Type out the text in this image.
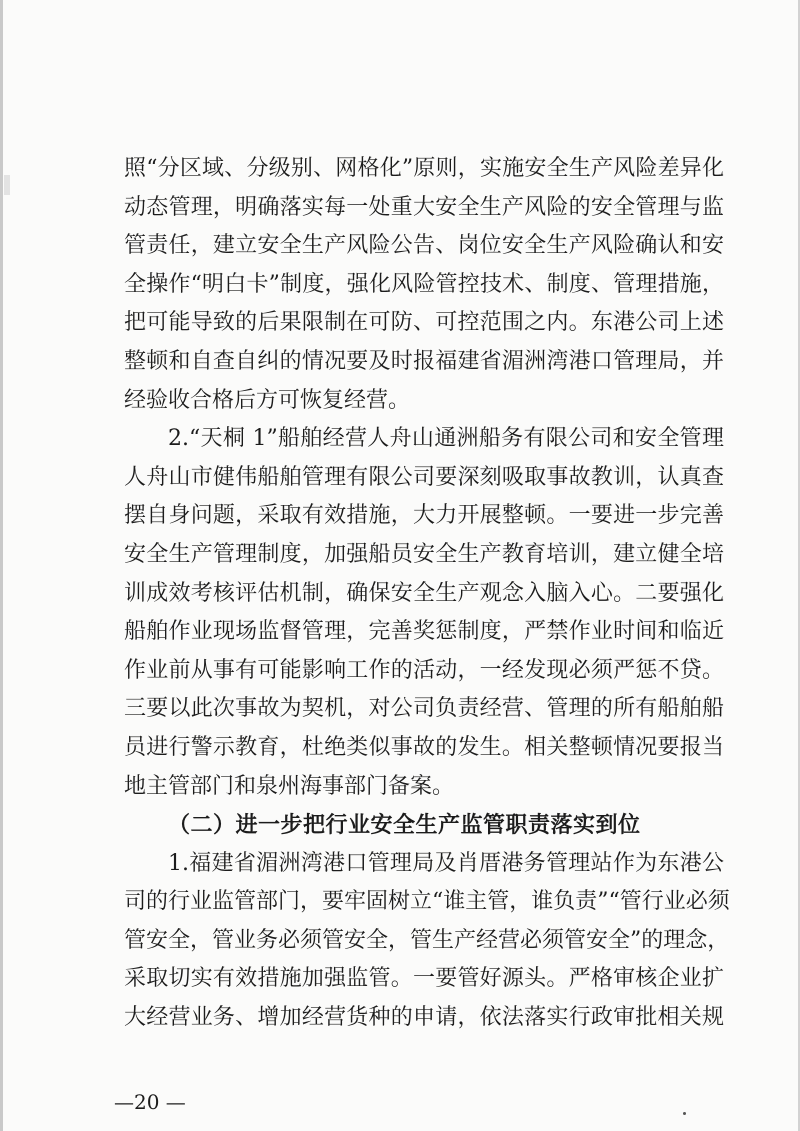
照“分区域、分级别、网格化”原则，实施安全生产风险差异化
动态管理，明确落实每一处重大安全生产风险的安全管理与监
管责任，建立安全生产风险公告、岗位安全生产风险确认和安
全操作“明白卡”制度，强化风险管控技术、制度、管理措施，
把可能导致的后果限制在可防、可控范围之内。东港公司上述
整顿和自查自纠的情况要及时报福建省湄洲湾港口管理局，并
经验收合格后方可恢复经营。
2.“天桐 1”船舶经营人舟山通洲船务有限公司和安全管理
人舟山市健伟船舶管理有限公司要深刻吸取事故教训，认真查
摆自身问题，采取有效措施，大力开展整顿。一要进一步完善
安全生产管理制度，加强船员安全生产教育培训，建立健全培
训成效考核评估机制，确保安全生产观念入脑入心。二要强化
船舶作业现场监督管理，完善奖惩制度，严禁作业时间和临近
作业前从事有可能影响工作的活动，一经发现必须严惩不贷。
三要以此次事故为契机，对公司负责经营、管理的所有船舶船
员进行警示教育，杜绝类似事故的发生。相关整顿情况要报当
地主管部门和泉州海事部门备案。
（二）进一步把行业安全生产监管职责落实到位
1.福建省湄洲湾港口管理局及肖厝港务管理站作为东港公
司的行业监管部门，要牢固树立“谁主管，谁负责”“管行业必须
管安全，管业务必须管安全，管生产经营必须管安全”的理念，
采取切实有效措施加强监管。一要管好源头。严格审核企业扩
大经营业务、增加经营货种的申请，依法落实行政审批相关规
—20 —
